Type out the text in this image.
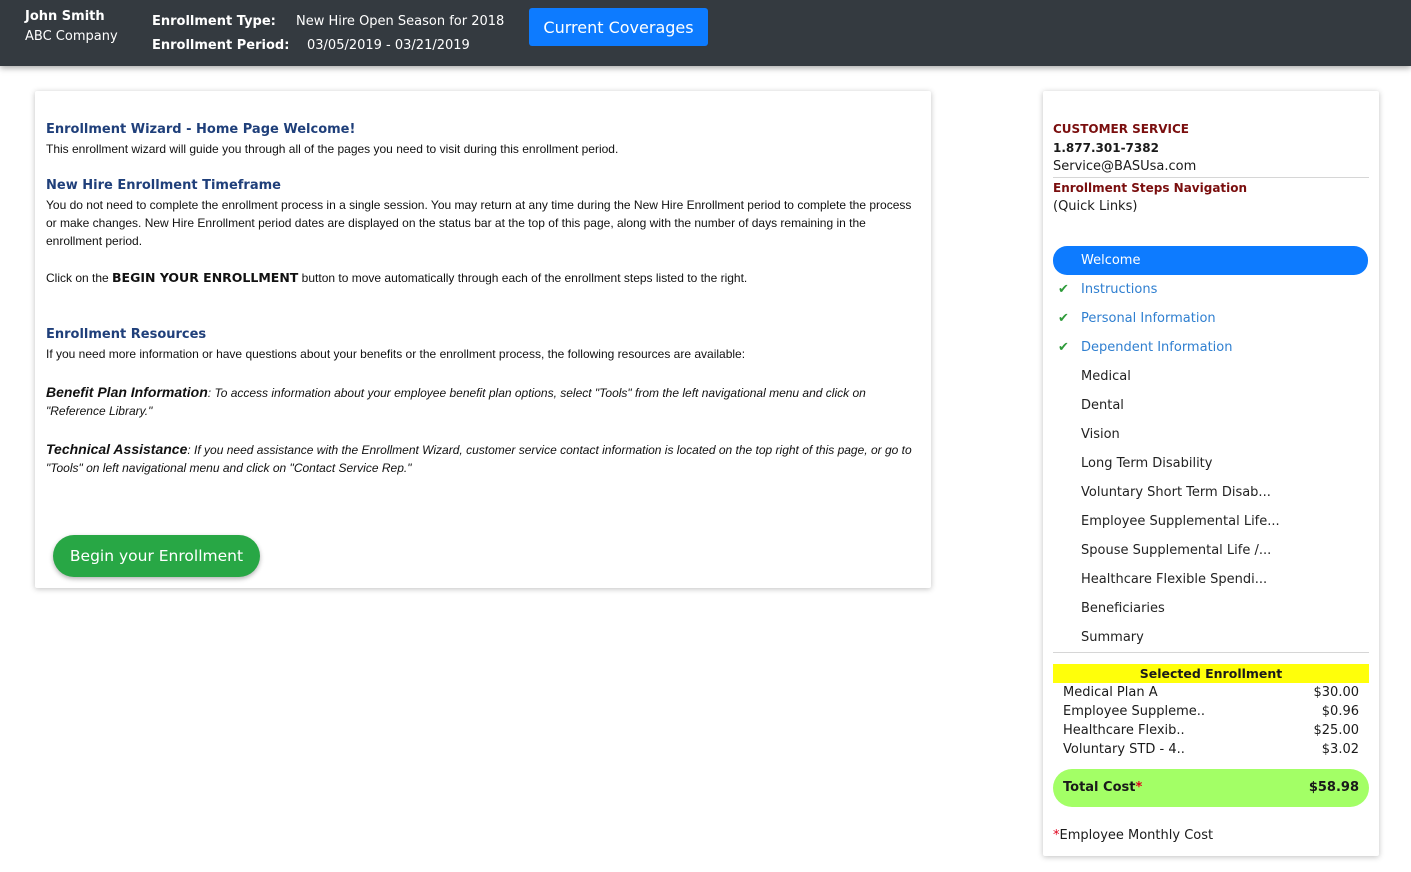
John Smith
ABC Company
Enrollment Type: New Hire Open Season for 2018
Enrollment Period: 03/05/2019 - 03/21/2019
Current Coverages
Enrollment Wizard - Home Page Welcome!
This enrollment wizard will guide you through all of the pages you need to visit during this enrollment period.
New Hire Enrollment Timeframe
You do not need to complete the enrollment process in a single session. You may return at any time during the New Hire Enrollment period to complete the process or make changes. New Hire Enrollment period dates are displayed on the status bar at the top of this page, along with the number of days remaining in the enrollment period.
Click on the BEGIN YOUR ENROLLMENT button to move automatically through each of the enrollment steps listed to the right.
Enrollment Resources
If you need more information or have questions about your benefits or the enrollment process, the following resources are available:
Benefit Plan Information: To access information about your employee benefit plan options, select "Tools" from the left navigational menu and click on "Reference Library."
Technical Assistance: If you need assistance with the Enrollment Wizard, customer service contact information is located on the top right of this page, or go to "Tools" on left navigational menu and click on "Contact Service Rep."
Begin your Enrollment
CUSTOMER SERVICE
1.877.301-7382
Service@BASUsa.com
Enrollment Steps Navigation
(Quick Links)
Welcome
✔ Instructions
✔ Personal Information
✔ Dependent Information
Medical
Dental
Vision
Long Term Disability
Voluntary Short Term Disab...
Employee Supplemental Life...
Spouse Supplemental Life /...
Healthcare Flexible Spendi...
Beneficiaries
Summary
Selected Enrollment
Medical Plan A	$30.00
Employee Suppleme..	$0.96
Healthcare Flexib..	$25.00
Voluntary STD - 4..	$3.02
Total Cost*	$58.98
*Employee Monthly Cost
